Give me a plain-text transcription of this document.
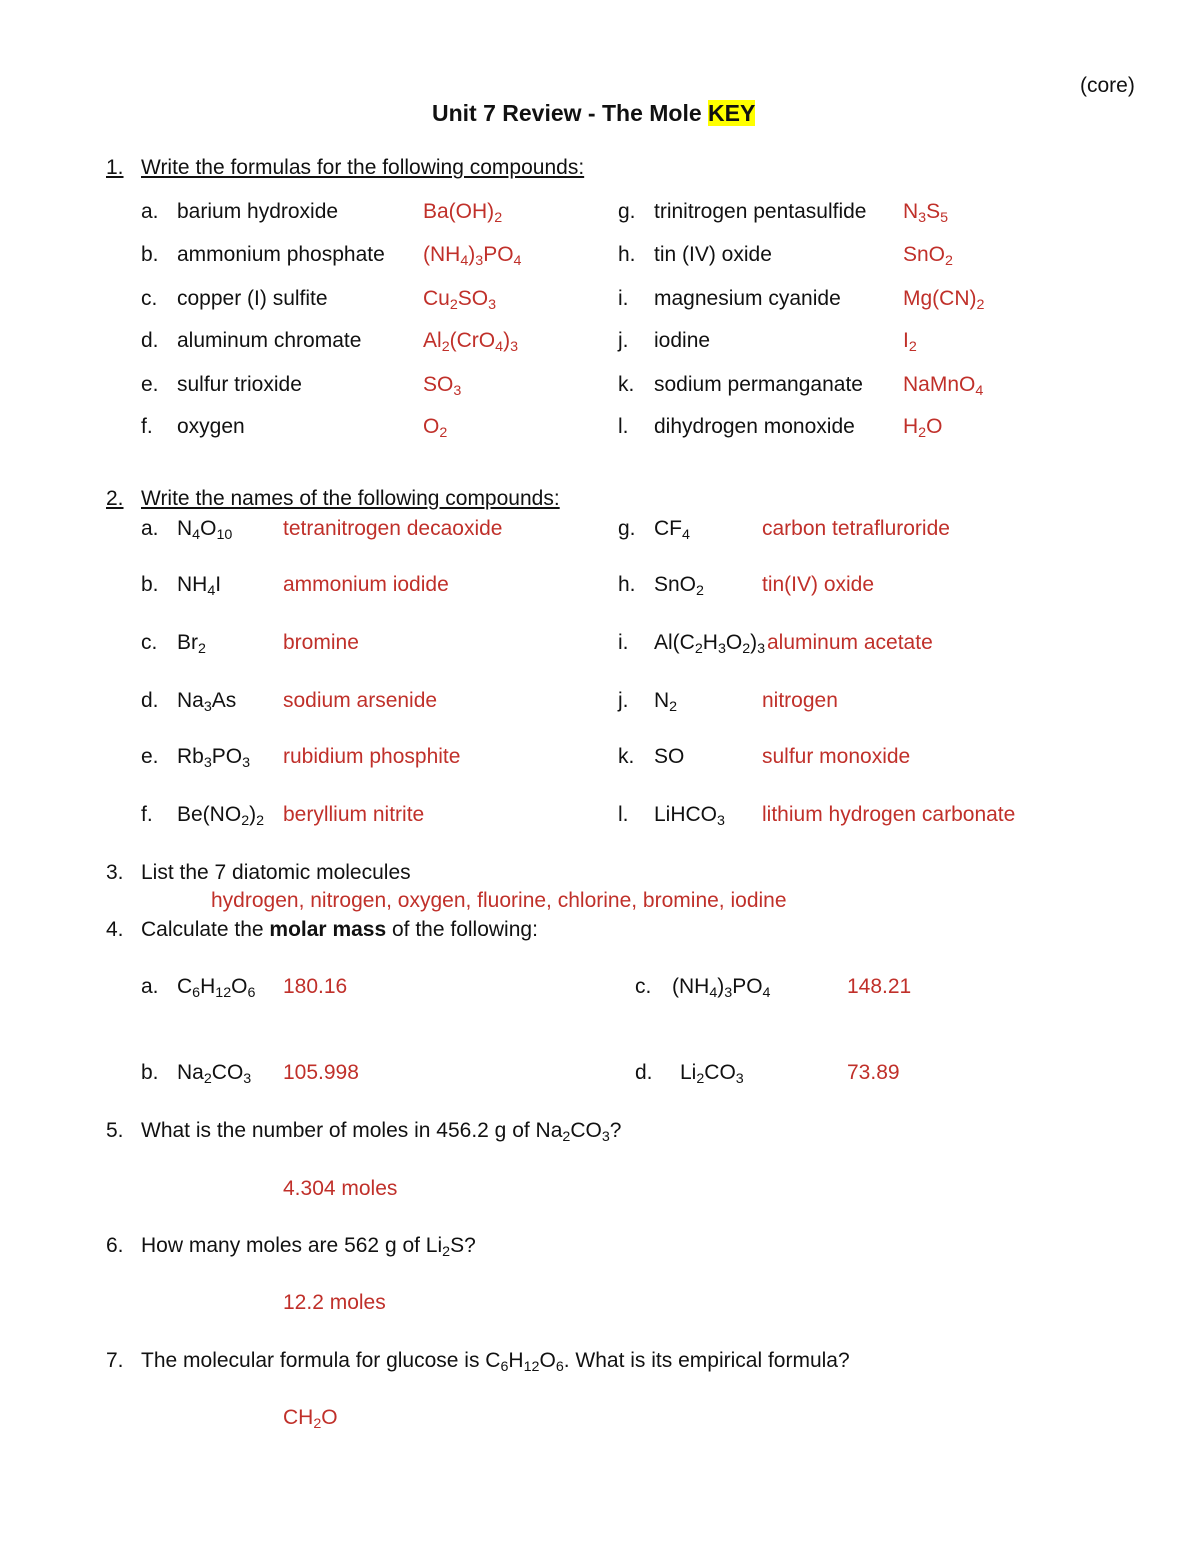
(core)
Unit 7 Review - The Mole KEY
1. Write the formulas for the following compounds:
a. barium hydroxide	$Ba(OH)_2$
b. ammonium phosphate $(NH_4)_3PO_4$
c. copper (I) sulfite	$Cu_2SO_3$
d. aluminum chromate	$Al_2(CrO_4)_3$
e. sulfur trioxide	$SO_3$
f. oxygen	$O_2$
g. trinitrogen pentasulfide $N_3S_5$
h. tin (IV) oxide	SnO$_2$
i. magnesium cyanide	$Mg(CN)_2$
j. iodine	$I_2$
k. sodium permanganate NaMnO$_4$
l. dihydrogen monoxide $H_2O$
2. Write the names of the following compounds:
a. $N_4O_{10}$ tetranitrogen decaoxide
b. $NH_4I$	ammonium iodide
c. $Br_2$	bromine
d. $Na_3As$ sodium arsenide
e. $Rb_3PO_3$ rubidium phosphite
f. $Be(NO_2)_2$ beryllium nitrite
g. $CF_4$	carbon tetrafluroride
h. SnO$_2$	tin(IV) oxide
i. $Al(C_2H_3O_2)_3$ aluminum acetate
j. $N_2$	nitrogen
k. SO	sulfur monoxide
l. LiHCO$_3$ lithium hydrogen carbonate
3. List the 7 diatomic molecules
hydrogen, nitrogen, oxygen, fluorine, chlorine, bromine, iodine
4. Calculate the molar mass of the following:
a. $C_6H_{12}O_6$ 180.16
b. $Na_2CO_3$ 105.998
c. $(NH_4)_3PO_4$	148.21
d. $Li_2CO_3$	73.89
5. What is the number of moles in 456.2 g of $Na_2CO_3$?
4.304 moles
6. How many moles are 562 g of $Li_2S$?
12.2 moles
7. The molecular formula for glucose is $C_6H_{12}O_6$. What is its empirical formula?
$CH_2O$
